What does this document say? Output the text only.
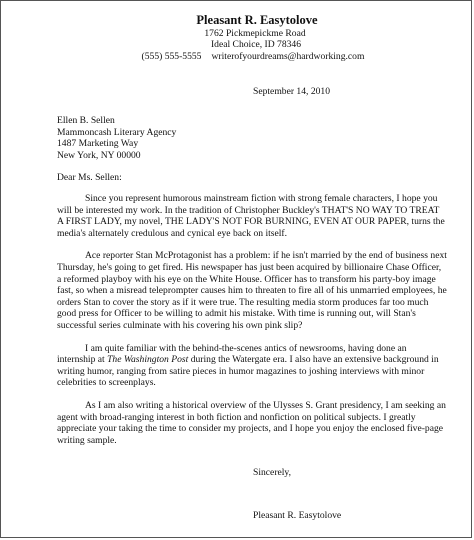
Pleasant R. Easytolove
1762 Pickmepickme Road
Ideal Choice, ID 78346
(555) 555-5555 writerofyourdreams@hardworking.com
September 14, 2010
Ellen B. Sellen
Mammoncash Literary Agency
1487 Marketing Way
New York, NY 00000
Dear Ms. Sellen:

Since you represent humorous mainstream fiction with strong female characters, I hope you will be interested my work. In the tradition of Christopher Buckley's THAT'S NO WAY TO TREAT A FIRST LADY, my novel, THE LADY'S NOT FOR BURNING, EVEN AT OUR PAPER, turns the media's alternately credulous and cynical eye back on itself.

Ace reporter Stan McProtagonist has a problem: if he isn't married by the end of business next Thursday, he's going to get fired. His newspaper has just been acquired by billionaire Chase Officer, a reformed playboy with his eye on the White House. Officer has to transform his party-boy image fast, so when a misread teleprompter causes him to threaten to fire all of his unmarried employees, he orders Stan to cover the story as if it were true. The resulting media storm produces far too much good press for Officer to be willing to admit his mistake. With time is running out, will Stan's successful series culminate with his covering his own pink slip?

I am quite familiar with the behind-the-scenes antics of newsrooms, having done an internship at The Washington Post during the Watergate era. I also have an extensive background in writing humor, ranging from satire pieces in humor magazines to joshing interviews with minor celebrities to screenplays.

As I am also writing a historical overview of the Ulysses S. Grant presidency, I am seeking an agent with broad-ranging interest in both fiction and nonfiction on political subjects. I greatly appreciate your taking the time to consider my projects, and I hope you enjoy the enclosed five-page writing sample.

Sincerely,
Pleasant R. Easytolove
